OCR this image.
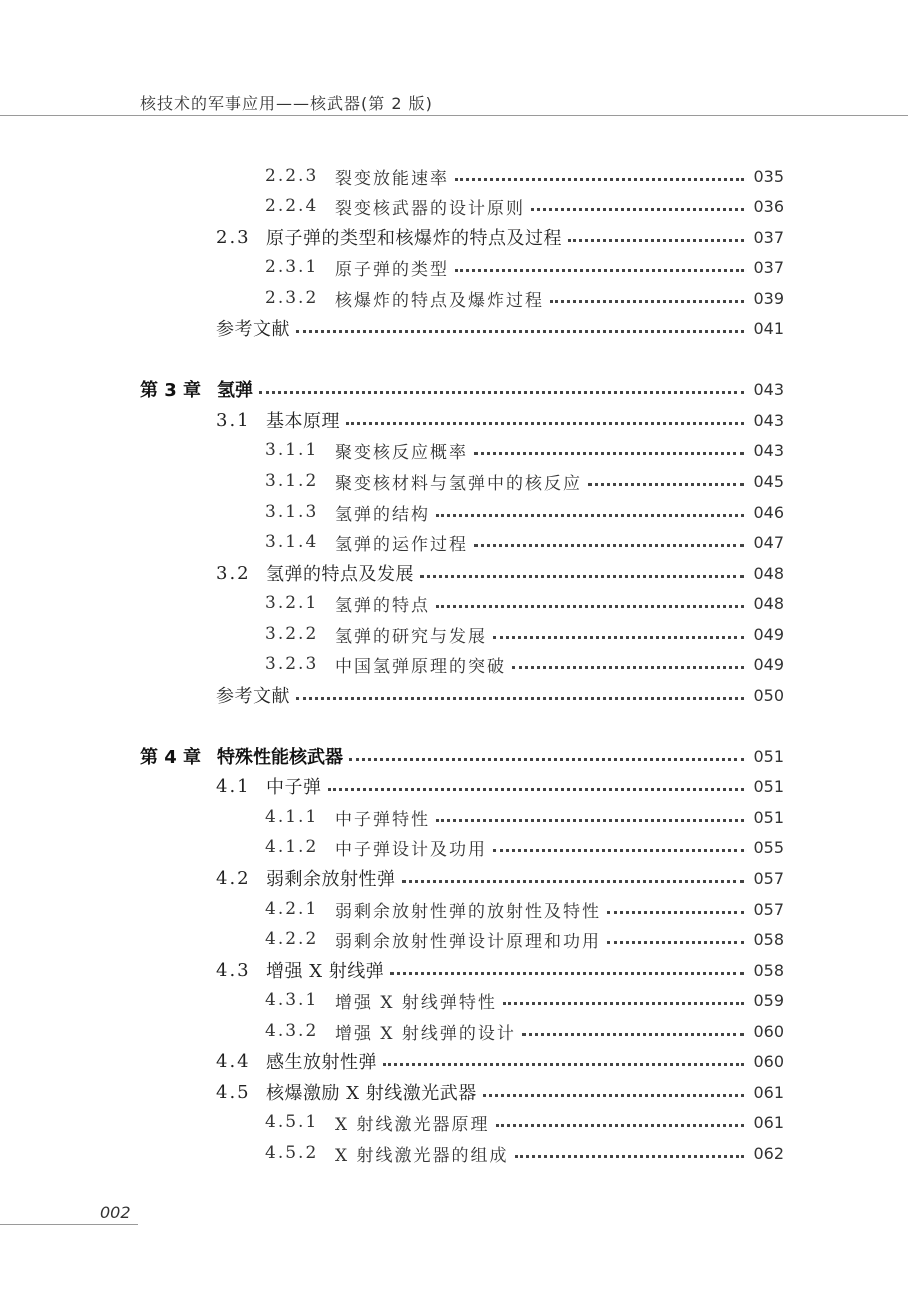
核技术的军事应用——核武器(第 2 版)
2.2.3 裂变放能速率	035
2.2.4 裂变核武器的设计原则	036
2.3 原子弹的类型和核爆炸的特点及过程	037
2.3.1 原子弹的类型	037
2.3.2 核爆炸的特点及爆炸过程	039
参考文献	041
第 3 章 氢弹	043
3.1 基本原理	043
3.1.1 聚变核反应概率	043
3.1.2 聚变核材料与氢弹中的核反应	045
3.1.3 氢弹的结构	046
3.1.4 氢弹的运作过程	047
3.2 氢弹的特点及发展	048
3.2.1 氢弹的特点	048
3.2.2 氢弹的研究与发展	049
3.2.3 中国氢弹原理的突破	049
参考文献	050
第 4 章 特殊性能核武器	051
4.1 中子弹	051
4.1.1 中子弹特性	051
4.1.2 中子弹设计及功用	055
4.2 弱剩余放射性弹	057
4.2.1 弱剩余放射性弹的放射性及特性	057
4.2.2 弱剩余放射性弹设计原理和功用	058
4.3 增强 X 射线弹	058
4.3.1 增强 X 射线弹特性	059
4.3.2 增强 X 射线弹的设计	060
4.4 感生放射性弹	060
4.5 核爆激励 X 射线激光武器	061
4.5.1 X 射线激光器原理	061
4.5.2 X 射线激光器的组成	062
002
